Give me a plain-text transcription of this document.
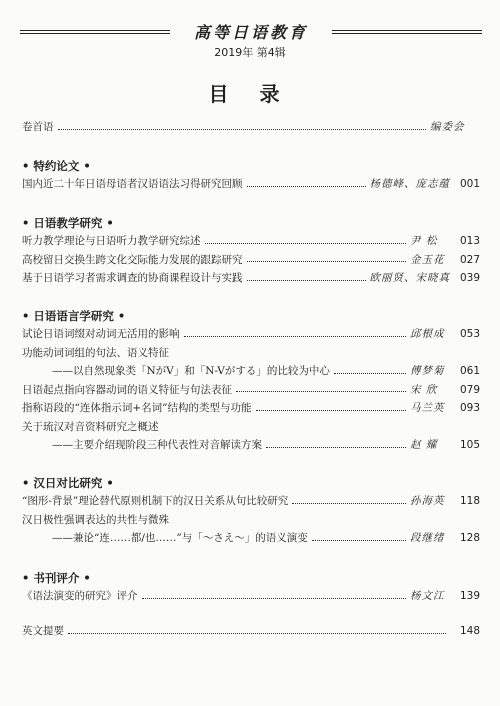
高等日语教育
2019年 第4辑
目 录
卷首语	编委会
• 特约论文 •
国内近二十年日语母语者汉语语法习得研究回顾	杨德峰、庞志蕴 001
• 日语教学研究 •
听力教学理论与日语听力教学研究综述	尹 松	013
高校留日交换生跨文化交际能力发展的跟踪研究	金玉花	027
基于日语学习者需求调查的协商课程设计与实践	欧丽贤、宋晓真 039
• 日语语言学研究 •
试论日语词缀对动词无活用的影响	邱根成	053
功能动词词组的句法、语义特征
——以自然现象类「NがV」和「N-Vがする」的比较为中心	傅梦菊	061
日语起点指向容器动词的语义特征与句法表征	宋 欣	079
指称语段的“连体指示词+名词”结构的类型与功能	马兰英	093
关于琉汉对音资料研究之概述
——主要介绍现阶段三种代表性对音解读方案	赵 耀	105
• 汉日对比研究 •
“图形-背景”理论替代原则机制下的汉日关系从句比较研究	孙海英	118
汉日极性强调表达的共性与微殊
——兼论“连……都/也……”与「～さえ～」的语义演变	段继绪	128
• 书刊评介 •
《语法演变的研究》评介	杨文江	139
英文提要	148
